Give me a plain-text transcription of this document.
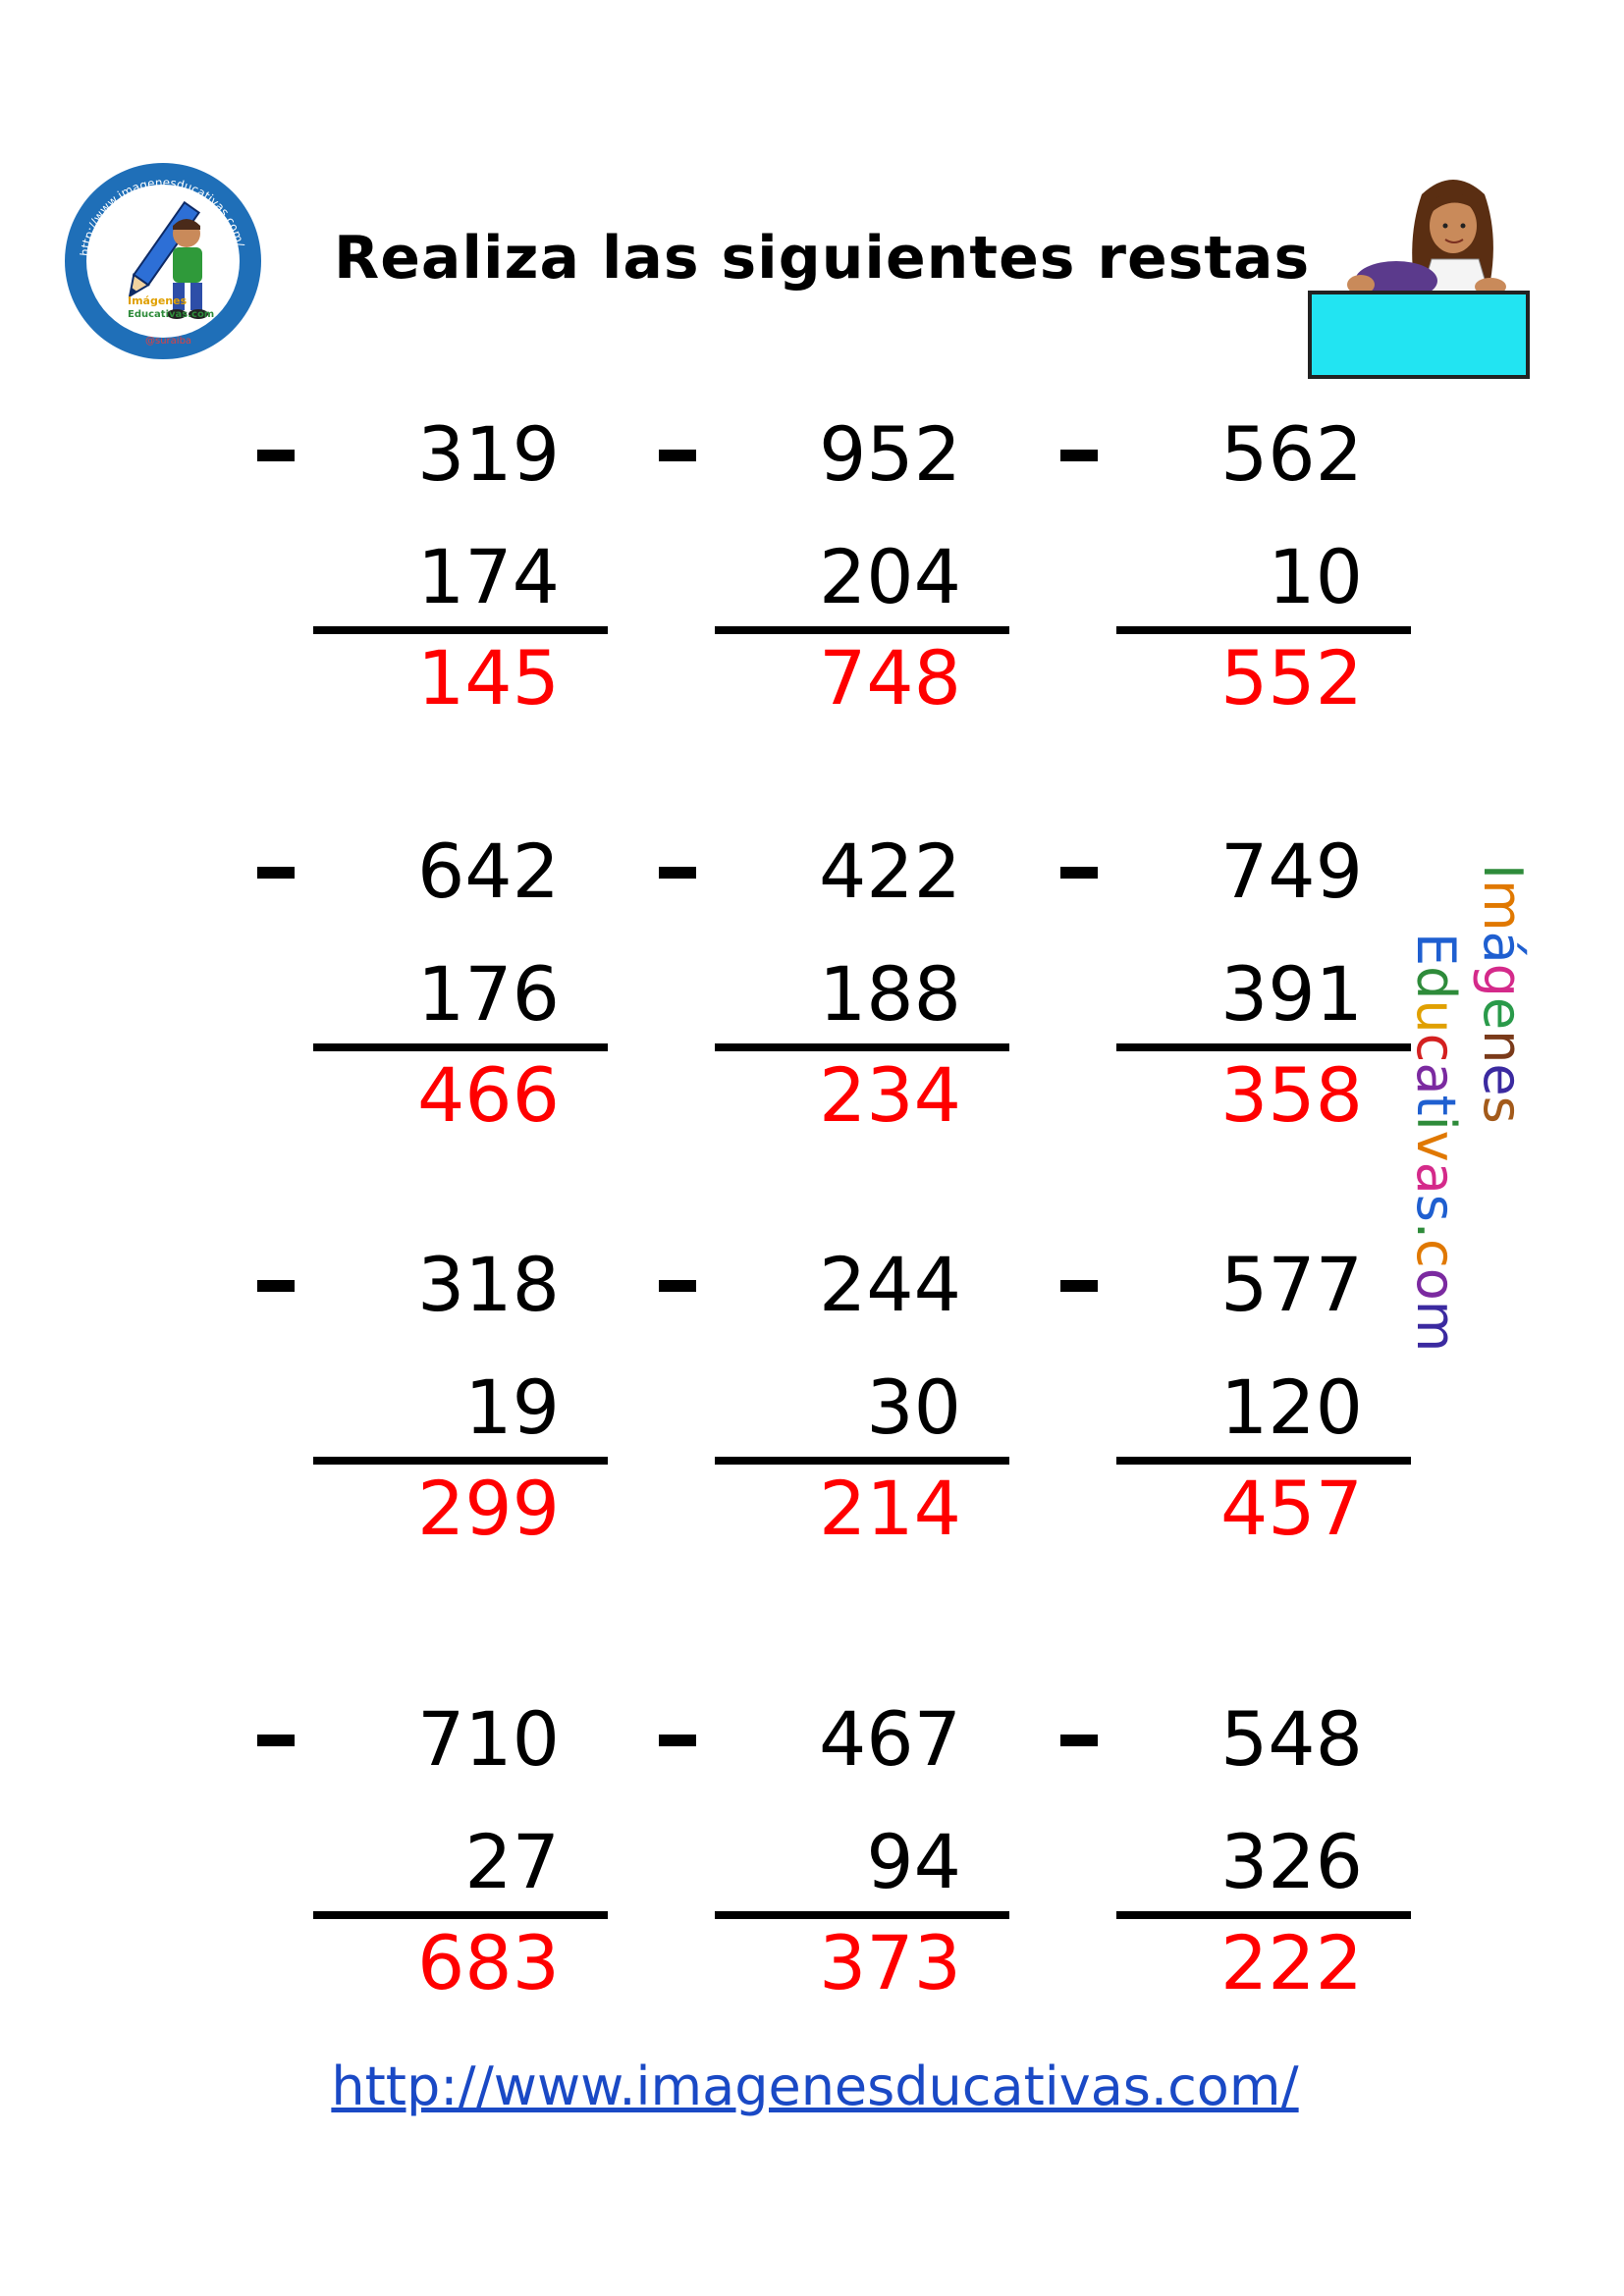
http://www.imagenesducativas.com/
Imágenes
Educativas.com
@suraiba
Realiza las siguientes restas
319
174
145
952
204
748
562
10
552
642
176
466
422
188
234
749
391
358
318
19
299
244
30
214
577
120
457
710
27
683
467
94
373
548
326
222
Imágenes
Educativas.com
http://www.imagenesducativas.com/
